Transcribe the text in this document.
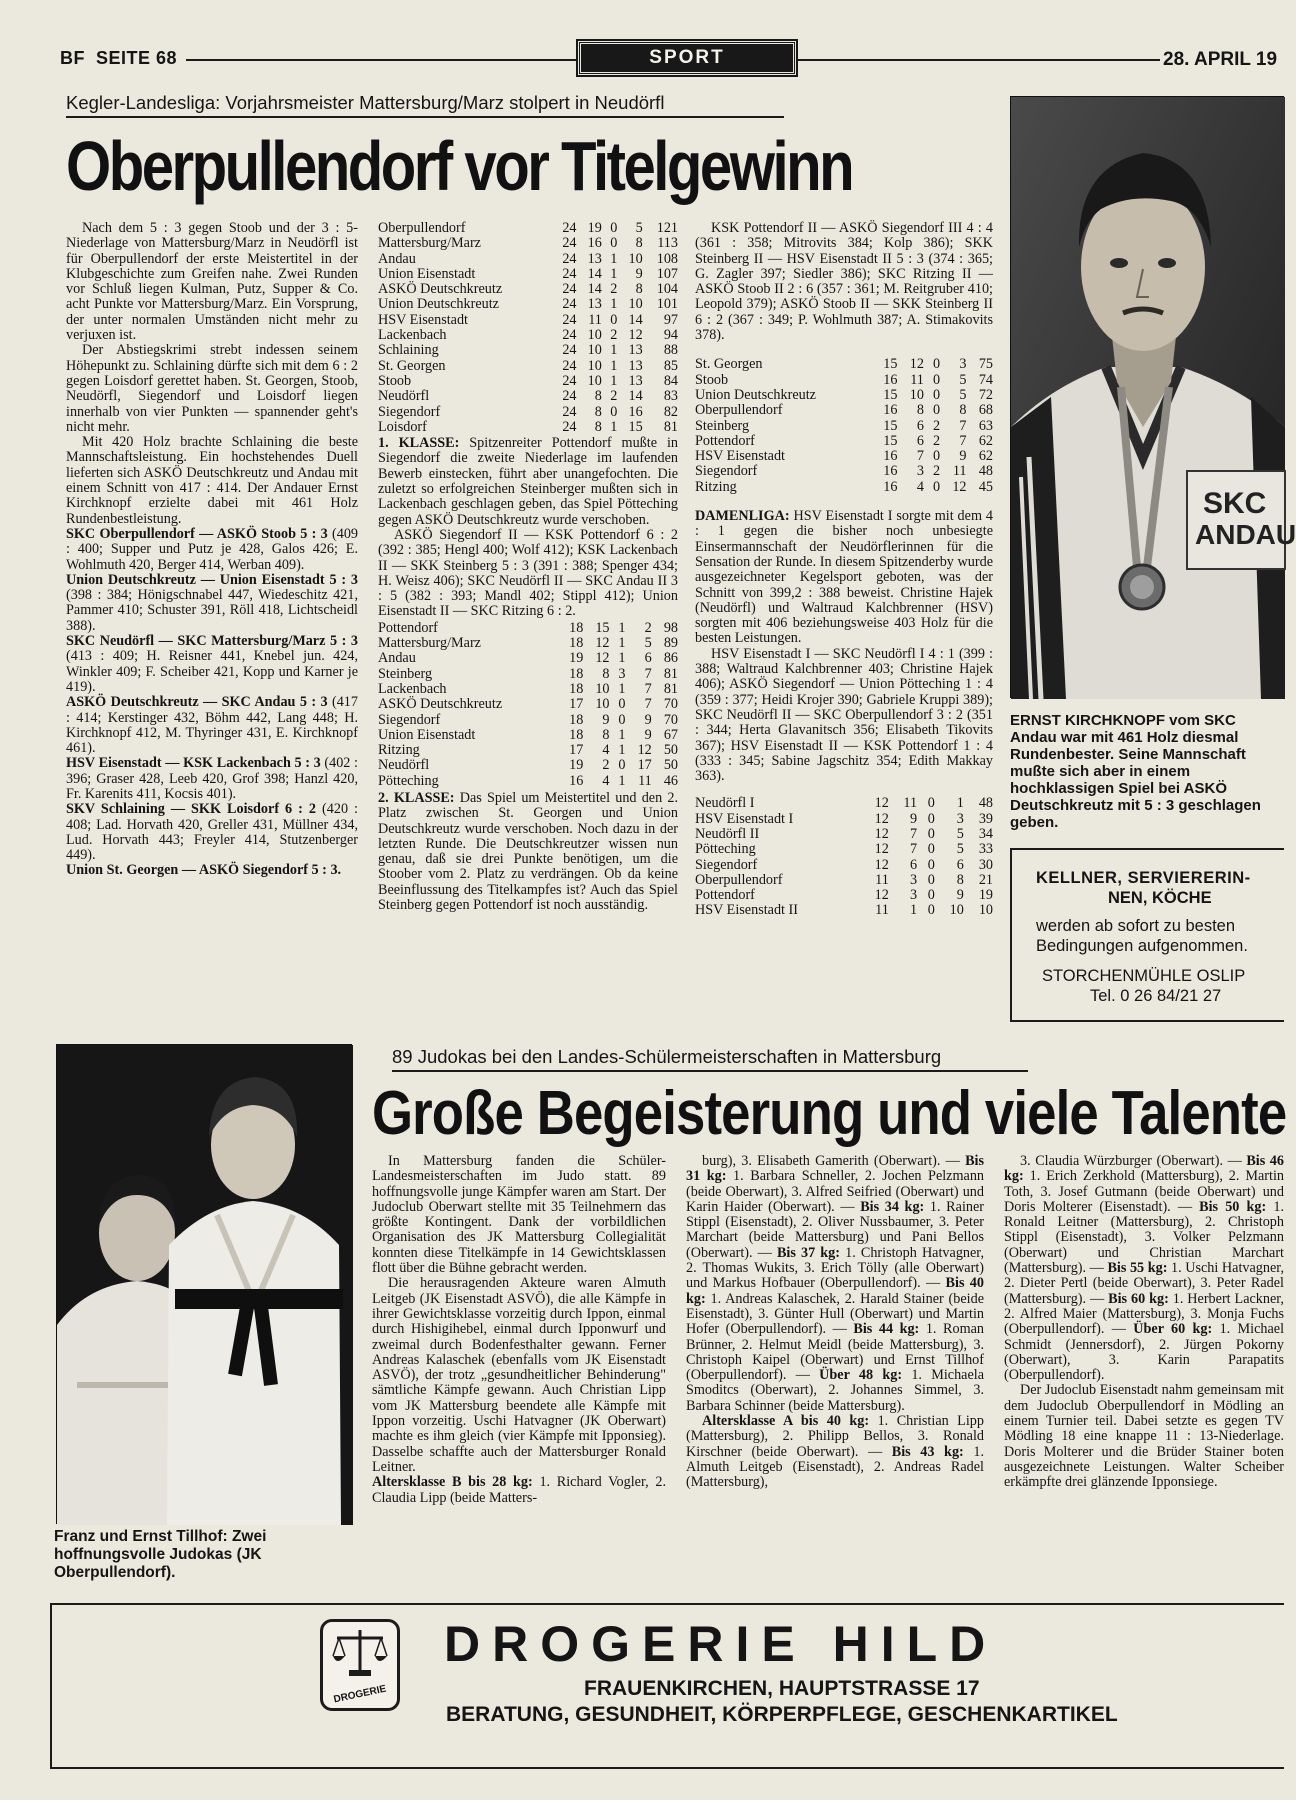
BF SEITE 68	SPORT	28. APRIL 19
Kegler-Landesliga: Vorjahrsmeister Mattersburg/Marz stolpert in Neudörfl
Oberpullendorf vor Titelgewinn

Nach dem 5 : 3 gegen Stoob und der 3 : 5-Niederlage von Mattersburg/Marz in Neudörfl ist für Oberpullendorf der erste Meistertitel in der Klubgeschichte zum Greifen nahe. Zwei Runden vor Schluß liegen Kulman, Putz, Supper & Co. acht Punkte vor Mattersburg/Marz. Ein Vorsprung, der unter normalen Umständen nicht mehr zu verjuxen ist.

Der Abstiegskrimi strebt indessen seinem Höhepunkt zu. Schlaining dürfte sich mit dem 6 : 2 gegen Loisdorf gerettet haben. St. Georgen, Stoob, Neudörfl, Siegendorf und Loisdorf liegen innerhalb von vier Punkten — spannender geht's nicht mehr.

Mit 420 Holz brachte Schlaining die beste Mannschaftsleistung. Ein hochstehendes Duell lieferten sich ASKÖ Deutschkreutz und Andau mit einem Schnitt von 417 : 414. Der Andauer Ernst Kirchknopf erzielte dabei mit 461 Holz Rundenbestleistung.

SKC Oberpullendorf — ASKÖ Stoob 5 : 3 (409 : 400; Supper und Putz je 428, Galos 426; E. Wohlmuth 420, Berger 414, Werban 409).

Union Deutschkreutz — Union Eisenstadt 5 : 3 (398 : 384; Hönigschnabel 447, Wiedeschitz 421, Pammer 410; Schuster 391, Röll 418, Lichtscheidl 388).

SKC Neudörfl — SKC Mattersburg/Marz 5 : 3 (413 : 409; H. Reisner 441, Knebel jun. 424, Winkler 409; F. Scheiber 421, Kopp und Karner je 419).

ASKÖ Deutschkreutz — SKC Andau 5 : 3 (417 : 414; Kerstinger 432, Böhm 442, Lang 448; H. Kirchknopf 412, M. Thyringer 431, E. Kirchknopf 461).

HSV Eisenstadt — KSK Lackenbach 5 : 3 (402 : 396; Graser 428, Leeb 420, Grof 398; Hanzl 420, Fr. Karenits 411, Kocsis 401).

SKV Schlaining — SKK Loisdorf 6 : 2 (420 : 408; Lad. Horvath 420, Greller 431, Müllner 434, Lud. Horvath 443; Freyler 414, Stutzenberger 449).

Union St. Georgen — ASKÖ Siegendorf 5 : 3.

Oberpullendorf	24	19	0	5	121
Mattersburg/Marz	24	16	0	8	113
Andau	24	13	1	10	108
Union Eisenstadt	24	14	1	9	107
ASKÖ Deutschkreutz	24	14	2	8	104
Union Deutschkreutz	24	13	1	10	101
HSV Eisenstadt	24	11	0	14	97
Lackenbach	24	10	2	12	94
Schlaining	24	10	1	13	88
St. Georgen	24	10	1	13	85
Stoob	24	10	1	13	84
Neudörfl	24	8	2	14	83
Siegendorf	24	8	0	16	82
Loisdorf	24	8	1	15	81

1. KLASSE: Spitzenreiter Pottendorf mußte in Siegendorf die zweite Niederlage im laufenden Bewerb einstecken, führt aber unangefochten. Die zuletzt so erfolgreichen Steinberger mußten sich in Lackenbach geschlagen geben, das Spiel Pötteching gegen ASKÖ Deutschkreutz wurde verschoben.

ASKÖ Siegendorf II — KSK Pottendorf 6 : 2 (392 : 385; Hengl 400; Wolf 412); KSK Lackenbach II — SKK Steinberg 5 : 3 (391 : 388; Spenger 434; H. Weisz 406); SKC Neudörfl II — SKC Andau II 3 : 5 (382 : 393; Mandl 402; Stippl 412); Union Eisenstadt II — SKC Ritzing 6 : 2.

Pottendorf	18	15	1	2	98
Mattersburg/Marz	18	12	1	5	89
Andau	19	12	1	6	86
Steinberg	18	8	3	7	81
Lackenbach	18	10	1	7	81
ASKÖ Deutschkreutz	17	10	0	7	70
Siegendorf	18	9	0	9	70
Union Eisenstadt	18	8	1	9	67
Ritzing	17	4	1	12	50
Neudörfl	19	2	0	17	50
Pötteching	16	4	1	11	46

2. KLASSE: Das Spiel um Meistertitel und den 2. Platz zwischen St. Georgen und Union Deutschkreutz wurde verschoben. Noch dazu in der letzten Runde. Die Deutschkreutzer wissen nun genau, daß sie drei Punkte benötigen, um die Stoober vom 2. Platz zu verdrängen. Ob da keine Beeinflussung des Titelkampfes ist? Auch das Spiel Steinberg gegen Pottendorf ist noch ausständig.

KSK Pottendorf II — ASKÖ Siegendorf III 4 : 4 (361 : 358; Mitrovits 384; Kolp 386); SKK Steinberg II — HSV Eisenstadt II 5 : 3 (374 : 365; G. Zagler 397; Siedler 386); SKC Ritzing II — ASKÖ Stoob II 2 : 6 (357 : 361; M. Reitgruber 410; Leopold 379); ASKÖ Stoob II — SKK Steinberg II 6 : 2 (367 : 349; P. Wohlmuth 387; A. Stimakovits 378).

St. Georgen	15	12	0	3	75
Stoob	16	11	0	5	74
Union Deutschkreutz	15	10	0	5	72
Oberpullendorf	16	8	0	8	68
Steinberg	15	6	2	7	63
Pottendorf	15	6	2	7	62
HSV Eisenstadt	16	7	0	9	62
Siegendorf	16	3	2	11	48
Ritzing	16	4	0	12	45

DAMENLIGA: HSV Eisenstadt I sorgte mit dem 4 : 1 gegen die bisher noch unbesiegte Einsermannschaft der Neudörflerinnen für die Sensation der Runde. In diesem Spitzenderby wurde ausgezeichneter Kegelsport geboten, was der Schnitt von 399,2 : 388 beweist. Christine Hajek (Neudörfl) und Waltraud Kalchbrenner (HSV) sorgten mit 406 beziehungsweise 403 Holz für die besten Leistungen.

HSV Eisenstadt I — SKC Neudörfl I 4 : 1 (399 : 388; Waltraud Kalchbrenner 403; Christine Hajek 406); ASKÖ Siegendorf — Union Pötteching 1 : 4 (359 : 377; Heidi Krojer 390; Gabriele Kruppi 389); SKC Neudörfl II — SKC Oberpullendorf 3 : 2 (351 : 344; Herta Glavanitsch 356; Elisabeth Tikovits 367); HSV Eisenstadt II — KSK Pottendorf 1 : 4 (333 : 345; Sabine Jagschitz 354; Edith Makkay 363).

Neudörfl I	12	11	0	1	48
HSV Eisenstadt I	12	9	0	3	39
Neudörfl II	12	7	0	5	34
Pötteching	12	7	0	5	33
Siegendorf	12	6	0	6	30
Oberpullendorf	11	3	0	8	21
Pottendorf	12	3	0	9	19
HSV Eisenstadt II	11	1	0	10	10
SKC
ANDAU
ERNST KIRCHKNOPF vom SKC Andau war mit 461 Holz diesmal Rundenbester. Seine Mannschaft mußte sich aber in einem hochklassigen Spiel bei ASKÖ Deutschkreutz mit 5 : 3 geschlagen geben.
KELLNER, SERVIERERIN-
NEN, KÖCHE
werden ab sofort zu besten
Bedingungen aufgenommen.
STORCHENMÜHLE OSLIP
Tel. 0 26 84/21 27
Franz und Ernst Tillhof: Zwei hoffnungsvolle Judokas (JK Oberpullendorf).
89 Judokas bei den Landes-Schülermeisterschaften in Mattersburg
Große Begeisterung und viele Talente

In Mattersburg fanden die Schüler-Landesmeisterschaften im Judo statt. 89 hoffnungsvolle junge Kämpfer waren am Start. Der Judoclub Oberwart stellte mit 35 Teilnehmern das größte Kontingent. Dank der vorbildlichen Organisation des JK Mattersburg Collegialität konnten diese Titelkämpfe in 14 Gewichtsklassen flott über die Bühne gebracht werden.

Die herausragenden Akteure waren Almuth Leitgeb (JK Eisenstadt ASVÖ), die alle Kämpfe in ihrer Gewichtsklasse vorzeitig durch Ippon, einmal durch Hishigihebel, einmal durch Ipponwurf und zweimal durch Bodenfesthalter gewann. Ferner Andreas Kalaschek (ebenfalls vom JK Eisenstadt ASVÖ), der trotz „gesundheitlicher Behinderung" sämtliche Kämpfe gewann. Auch Christian Lipp vom JK Mattersburg beendete alle Kämpfe mit Ippon vorzeitig. Uschi Hatvagner (JK Oberwart) machte es ihm gleich (vier Kämpfe mit Ipponsieg). Dasselbe schaffte auch der Mattersburger Ronald Leitner.

Altersklasse B bis 28 kg: 1. Richard Vogler, 2. Claudia Lipp (beide Matters-

burg), 3. Elisabeth Gamerith (Oberwart). — Bis 31 kg: 1. Barbara Schneller, 2. Jochen Pelzmann (beide Oberwart), 3. Alfred Seifried (Oberwart) und Karin Haider (Oberwart). — Bis 34 kg: 1. Rainer Stippl (Eisenstadt), 2. Oliver Nussbaumer, 3. Peter Marchart (beide Mattersburg) und Pani Bellos (Oberwart). — Bis 37 kg: 1. Christoph Hatvagner, 2. Thomas Wukits, 3. Erich Tölly (alle Oberwart) und Markus Hofbauer (Oberpullendorf). — Bis 40 kg: 1. Andreas Kalaschek, 2. Harald Stainer (beide Eisenstadt), 3. Günter Hull (Oberwart) und Martin Hofer (Oberpullendorf). — Bis 44 kg: 1. Roman Brünner, 2. Helmut Meidl (beide Mattersburg), 3. Christoph Kaipel (Oberwart) und Ernst Tillhof (Oberpullendorf). — Über 48 kg: 1. Michaela Smoditcs (Oberwart), 2. Johannes Simmel, 3. Barbara Schinner (beide Mattersburg).

Altersklasse A bis 40 kg: 1. Christian Lipp (Mattersburg), 2. Philipp Bellos, 3. Ronald Kirschner (beide Oberwart). — Bis 43 kg: 1. Almuth Leitgeb (Eisenstadt), 2. Andreas Radel (Mattersburg),

3. Claudia Würzburger (Oberwart). — Bis 46 kg: 1. Erich Zerkhold (Mattersburg), 2. Martin Toth, 3. Josef Gutmann (beide Oberwart) und Doris Molterer (Eisenstadt). — Bis 50 kg: 1. Ronald Leitner (Mattersburg), 2. Christoph Stippl (Eisenstadt), 3. Volker Pelzmann (Oberwart) und Christian Marchart (Mattersburg). — Bis 55 kg: 1. Uschi Hatvagner, 2. Dieter Pertl (beide Oberwart), 3. Peter Radel (Mattersburg). — Bis 60 kg: 1. Herbert Lackner, 2. Alfred Maier (Mattersburg), 3. Monja Fuchs (Oberpullendorf). — Über 60 kg: 1. Michael Schmidt (Jennersdorf), 2. Jürgen Pokorny (Oberwart), 3. Karin Parapatits (Oberpullendorf).

Der Judoclub Eisenstadt nahm gemeinsam mit dem Judoclub Oberpullendorf in Mödling an einem Turnier teil. Dabei setzte es gegen TV Mödling 18 eine knappe 11 : 13-Niederlage. Doris Molterer und die Brüder Stainer boten ausgezeichnete Leistungen. Walter Scheiber erkämpfte drei glänzende Ipponsiege.

DROGERIE
DROGERIE HILD
FRAUENKIRCHEN, HAUPTSTRASSE 17
BERATUNG, GESUNDHEIT, KÖRPERPFLEGE, GESCHENKARTIKEL
